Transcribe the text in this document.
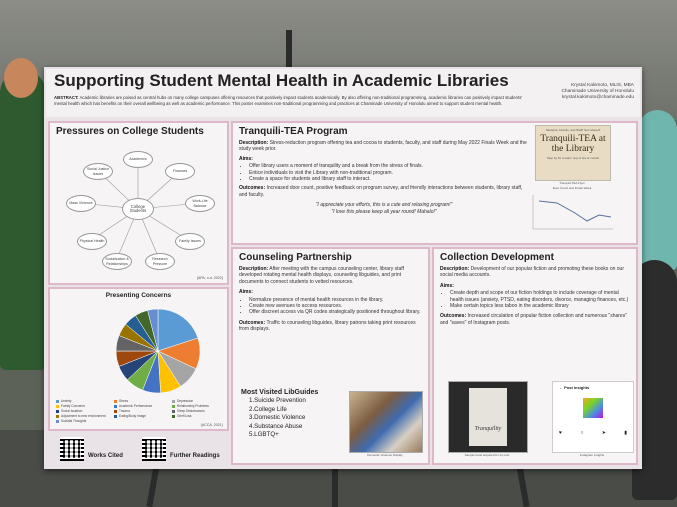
Supporting Student Mental Health in Academic Libraries
ABSTRACT: Academic libraries are poised as central hubs on many college campuses offering resources that positively impact students academically. By also offering non-traditional programming, academic libraries can positively impact students' mental health which has benefits on their overall wellbeing as well as academic performance. This poster examines non-traditional programming and practices at Chaminade University of Honolulu aimed to support student mental health.
Krystal Kakimoto, MLIS, MBA
Chaminade University of Honolulu
krystal.kakimoto@chaminade.edu
Pressures on College Students
College Students
Academics
Finances
Work-Life Balance
Family Issues
Research Pressure
Socialization & Relationships
Physical Health
Mass Violence
Social Justice Issues
(APA, n.d. 2022)
Presenting Concerns
Anxiety	Stress	Depression
Family Concerns	Academic Performance	Relationship Problems
Social Isolation	Trauma	Sleep Disturbances
Adjustment to new environment	Eating/Body Image	Grief/Loss
Suicidal Thoughts
(ACCA, 2021)
Works Cited	Further Readings
Tranquili-TEA Program
Description: Stress-reduction program offering tea and cocoa to students, faculty, and staff during May 2022 Finals Week and the study week prior.
Aims:
• Offer library users a moment of tranquility and a break from the stress of finals.
• Entice individuals to visit the Library with non-traditional program.
• Create a space for students and library staff to interact.
Outcomes: Increased door count, positive feedback on program survey, and friendly interactions between students, library staff, and faculty.
"I appreciate your efforts, this is a cute and relaxing program!"
"I love this please keep all year round! Mahalo!"
Students, Faculty, and Staff! Get relaxed!
Tranquili-TEA at the Library
Stop by for a warm cup of tea or cocoa!
Tranquili-TEA Flyer
Door Count and Finals Week
Counseling Partnership
Description: After meeting with the campus counseling center, library staff developed rotating mental health displays, counseling libguides, and print documents to connect students to vetted resources.
Aims:
• Normalize presence of mental health resources in the library.
• Create new avenues to access resources.
• Offer discreet access via QR codes strategically positioned throughout library.
Outcomes: Traffic to counseling libguides, library patrons taking print resources from displays.
Most Visited LibGuides
1.Suicide Prevention
2.College Life
3.Domestic Violence
4.Substance Abuse
5.LGBTQ+
Domestic Violence Display
Collection Development
Description: Development of our popular fiction and promoting these books on our social media accounts.
Aims:
• Create depth and scope of our fiction holdings to include coverage of mental health issues (anxiety, PTSD, eating disorders, divorce, managing finances, etc.)
• Make certain topics less taboo in the academic library
Outcomes: Increased circulation of popular fiction collection and numerous "shares" and "saves" of Instagram posts.
Tranquility
Sample book acquired for IG post
← Post insights
♥	○	➤	▮
Instagram insights
